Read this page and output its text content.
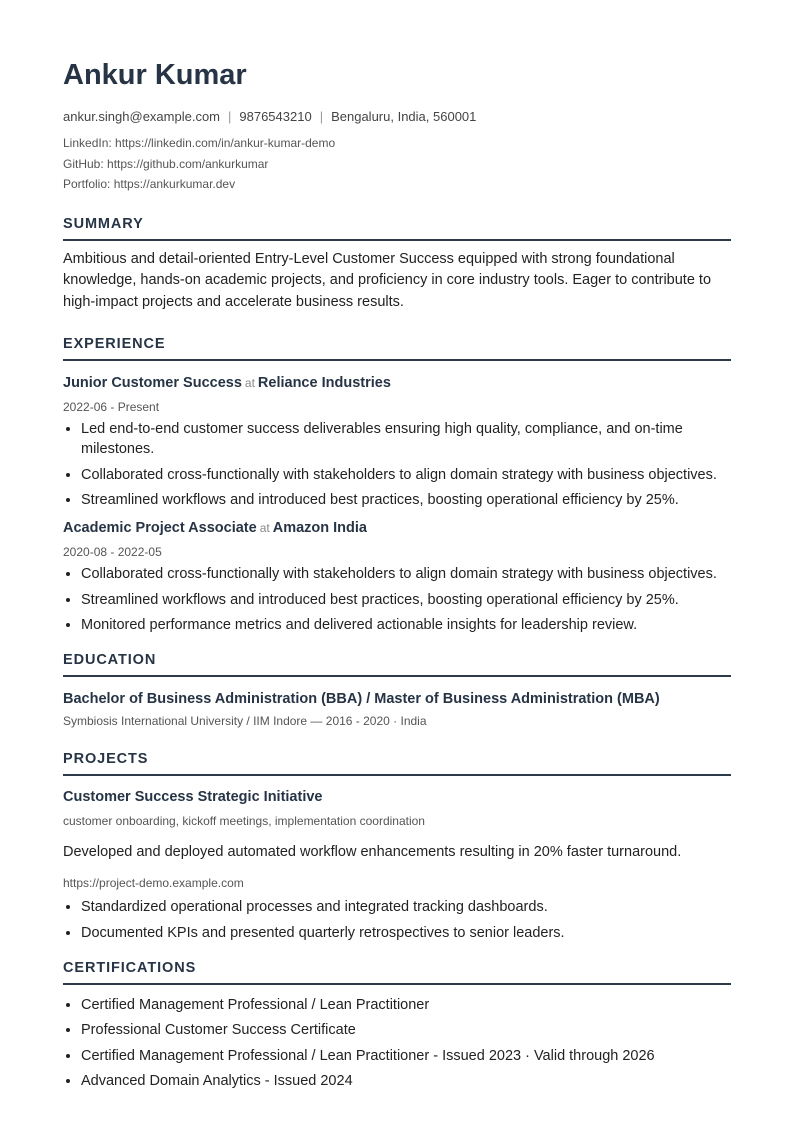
Ankur Kumar
ankur.singh@example.com | 9876543210 | Bengaluru, India, 560001
LinkedIn: https://linkedin.com/in/ankur-kumar-demo
GitHub: https://github.com/ankurkumar
Portfolio: https://ankurkumar.dev
SUMMARY
Ambitious and detail-oriented Entry-Level Customer Success equipped with strong foundational knowledge, hands-on academic projects, and proficiency in core industry tools. Eager to contribute to high-impact projects and accelerate business results.
EXPERIENCE
Junior Customer Success at Reliance Industries
2022-06 - Present
Led end-to-end customer success deliverables ensuring high quality, compliance, and on-time milestones.
Collaborated cross-functionally with stakeholders to align domain strategy with business objectives.
Streamlined workflows and introduced best practices, boosting operational efficiency by 25%.
Academic Project Associate at Amazon India
2020-08 - 2022-05
Collaborated cross-functionally with stakeholders to align domain strategy with business objectives.
Streamlined workflows and introduced best practices, boosting operational efficiency by 25%.
Monitored performance metrics and delivered actionable insights for leadership review.
EDUCATION
Bachelor of Business Administration (BBA) / Master of Business Administration (MBA)
Symbiosis International University / IIM Indore — 2016 - 2020 · India
PROJECTS
Customer Success Strategic Initiative
customer onboarding, kickoff meetings, implementation coordination
Developed and deployed automated workflow enhancements resulting in 20% faster turnaround.
https://project-demo.example.com
Standardized operational processes and integrated tracking dashboards.
Documented KPIs and presented quarterly retrospectives to senior leaders.
CERTIFICATIONS
Certified Management Professional / Lean Practitioner
Professional Customer Success Certificate
Certified Management Professional / Lean Practitioner - Issued 2023 · Valid through 2026
Advanced Domain Analytics - Issued 2024
